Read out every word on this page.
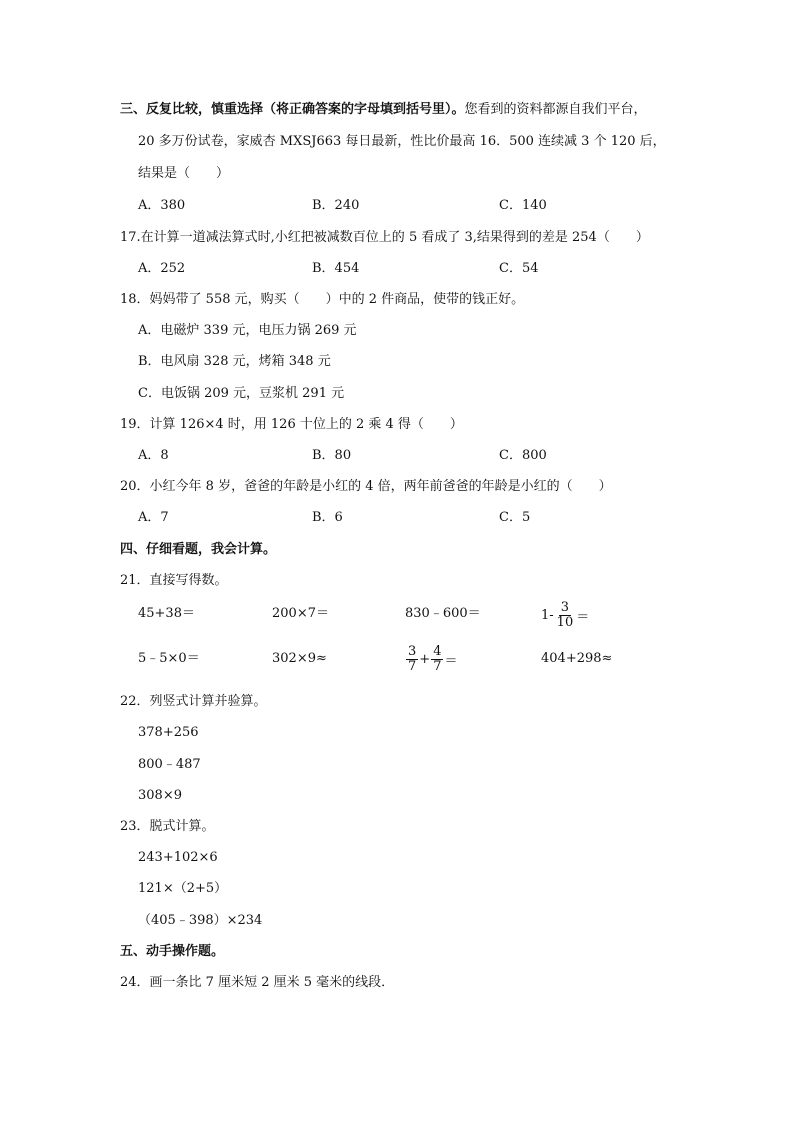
三、反复比较，慎重选择（将正确答案的字母填到括号里）。您看到的资料都源自我们平台，
20 多万份试卷，家威杏 MXSJ663 每日最新，性比价最高 16．500 连续减 3 个 120 后，
结果是（　　）
A．380	B．240	C．140
17.在计算一道减法算式时,小红把被减数百位上的 5 看成了 3,结果得到的差是 254（　　）
A．252	B．454	C．54
18．妈妈带了 558 元，购买（　　）中的 2 件商品，使带的钱正好。
A．电磁炉 339 元，电压力锅 269 元
B．电风扇 328 元，烤箱 348 元
C．电饭锅 209 元，豆浆机 291 元
19．计算 126×4 时，用 126 十位上的 2 乘 4 得（　　）
A．8	B．80	C．800
20．小红今年 8 岁，爸爸的年龄是小红的 4 倍，两年前爸爸的年龄是小红的（　　）
A．7	B．6	C．5
四、仔细看题，我会计算。
21．直接写得数。
45+38＝	200×7＝	830﹣600＝	$1- \frac{3}{10}$ ＝
5﹣5×0＝	302×9≈	$\frac{3}{7} + \frac{4}{7}$ ＝	404+298≈
22．列竖式计算并验算。
378+256
800﹣487
308×9
23．脱式计算。
243+102×6
121×（2+5）
（405﹣398）×234
五、动手操作题。
24．画一条比 7 厘米短 2 厘米 5 毫米的线段．
